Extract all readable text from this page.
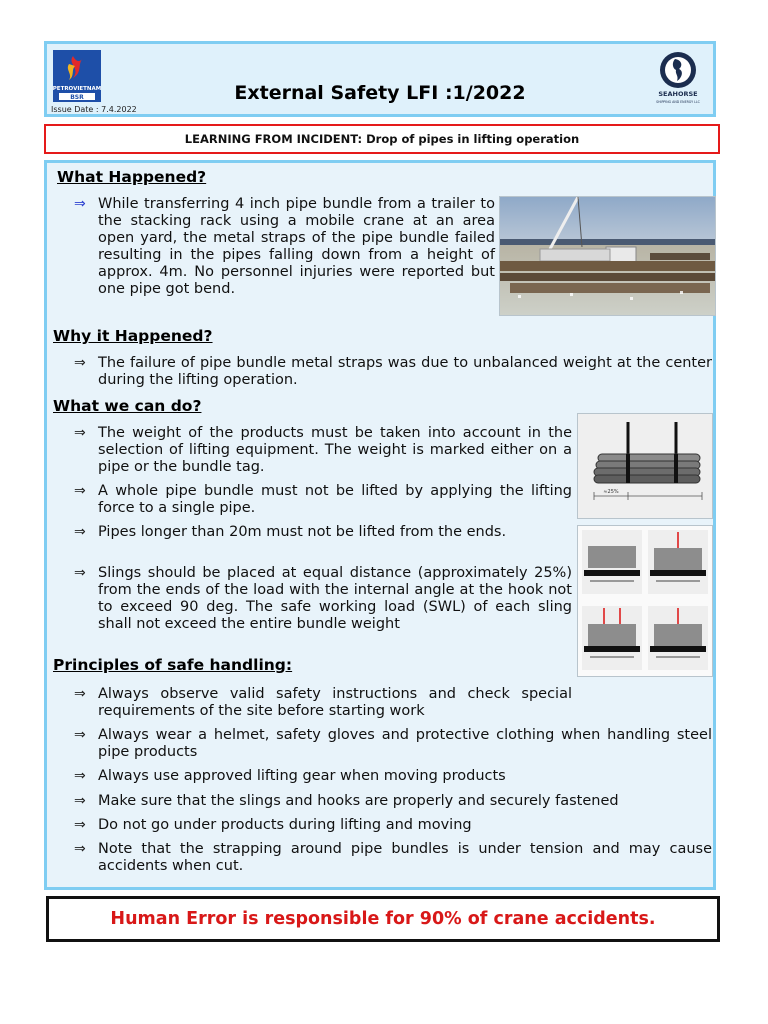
PETROVIETNAM
BSR
Issue Date : 7.4.2022
External Safety LFI :1/2022	SEAHORSE
SHIPPING AND ENERGY LLC
LEARNING FROM INCIDENT: Drop of pipes in lifting operation
What Happened?
⇒ While transferring 4 inch pipe bundle from a trailer to the stacking rack using a mobile crane at an area open yard, the metal straps of the pipe bundle failed resulting in the pipes falling down from a height of approx. 4m. No personnel injuries were reported but one pipe got bend.
Why it Happened?
⇒ The failure of pipe bundle metal straps was due to unbalanced weight at the center during the lifting operation.
What we can do?
⇒ The weight of the products must be taken into account in the selection of lifting equipment. The weight is marked either on a pipe or the bundle tag.
⇒ A whole pipe bundle must not be lifted by applying the lifting force to a single pipe.
⇒ Pipes longer than 20m must not be lifted from the ends.
⇒ Slings should be placed at equal distance (approximately 25%) from the ends of the load with the internal angle at the hook not to exceed 90 deg. The safe working load (SWL) of each sling shall not exceed the entire bundle weight
≈25%
Principles of safe handling:
⇒ Always observe valid safety instructions and check special requirements of the site before starting work
⇒ Always wear a helmet, safety gloves and protective clothing when handling steel pipe products
⇒ Always use approved lifting gear when moving products
⇒ Make sure that the slings and hooks are properly and securely fastened
⇒ Do not go under products during lifting and moving
⇒ Note that the strapping around pipe bundles is under tension and may cause accidents when cut.
Human Error is responsible for 90% of crane accidents.
